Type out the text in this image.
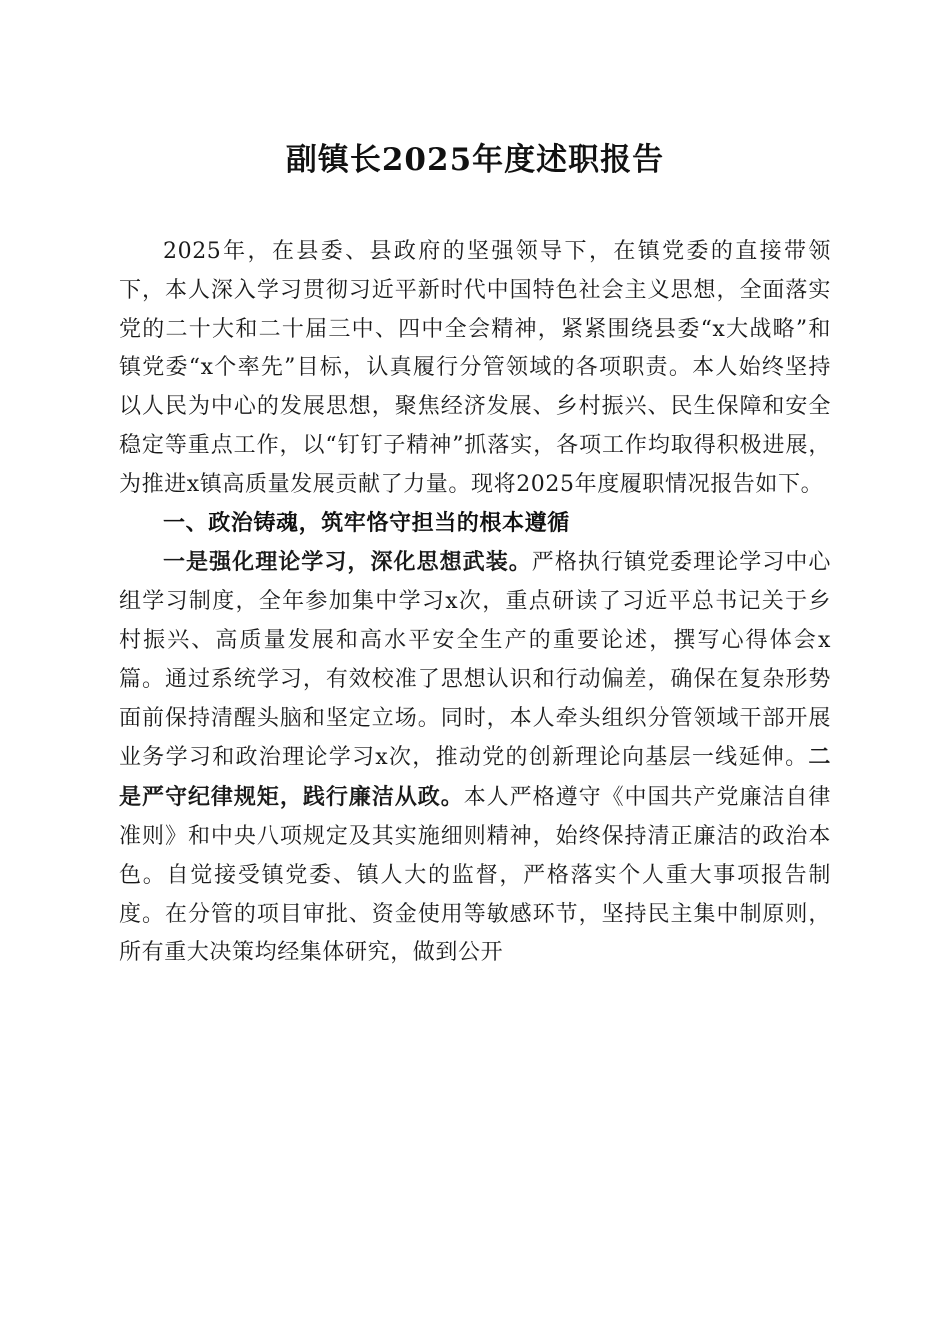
副镇长2025年度述职报告

2025年，在县委、县政府的坚强领导下，在镇党委的直接带领下，本人深入学习贯彻习近平新时代中国特色社会主义思想，全面落实党的二十大和二十届三中、四中全会精神，紧紧围绕县委“x大战略”和镇党委“x个率先”目标，认真履行分管领域的各项职责。本人始终坚持以人民为中心的发展思想，聚焦经济发展、乡村振兴、民生保障和安全稳定等重点工作，以“钉钉子精神”抓落实，各项工作均取得积极进展，为推进x镇高质量发展贡献了力量。现将2025年度履职情况报告如下。

一、政治铸魂，筑牢恪守担当的根本遵循

一是强化理论学习，深化思想武装。严格执行镇党委理论学习中心组学习制度，全年参加集中学习x次，重点研读了习近平总书记关于乡村振兴、高质量发展和高水平安全生产的重要论述，撰写心得体会x篇。通过系统学习，有效校准了思想认识和行动偏差，确保在复杂形势面前保持清醒头脑和坚定立场。同时，本人牵头组织分管领域干部开展业务学习和政治理论学习x次，推动党的创新理论向基层一线延伸。二是严守纪律规矩，践行廉洁从政。本人严格遵守《中国共产党廉洁自律准则》和中央八项规定及其实施细则精神，始终保持清正廉洁的政治本色。自觉接受镇党委、镇人大的监督，严格落实个人重大事项报告制度。在分管的项目审批、资金使用等敏感环节，坚持民主集中制原则，所有重大决策均经集体研究，做到公开
